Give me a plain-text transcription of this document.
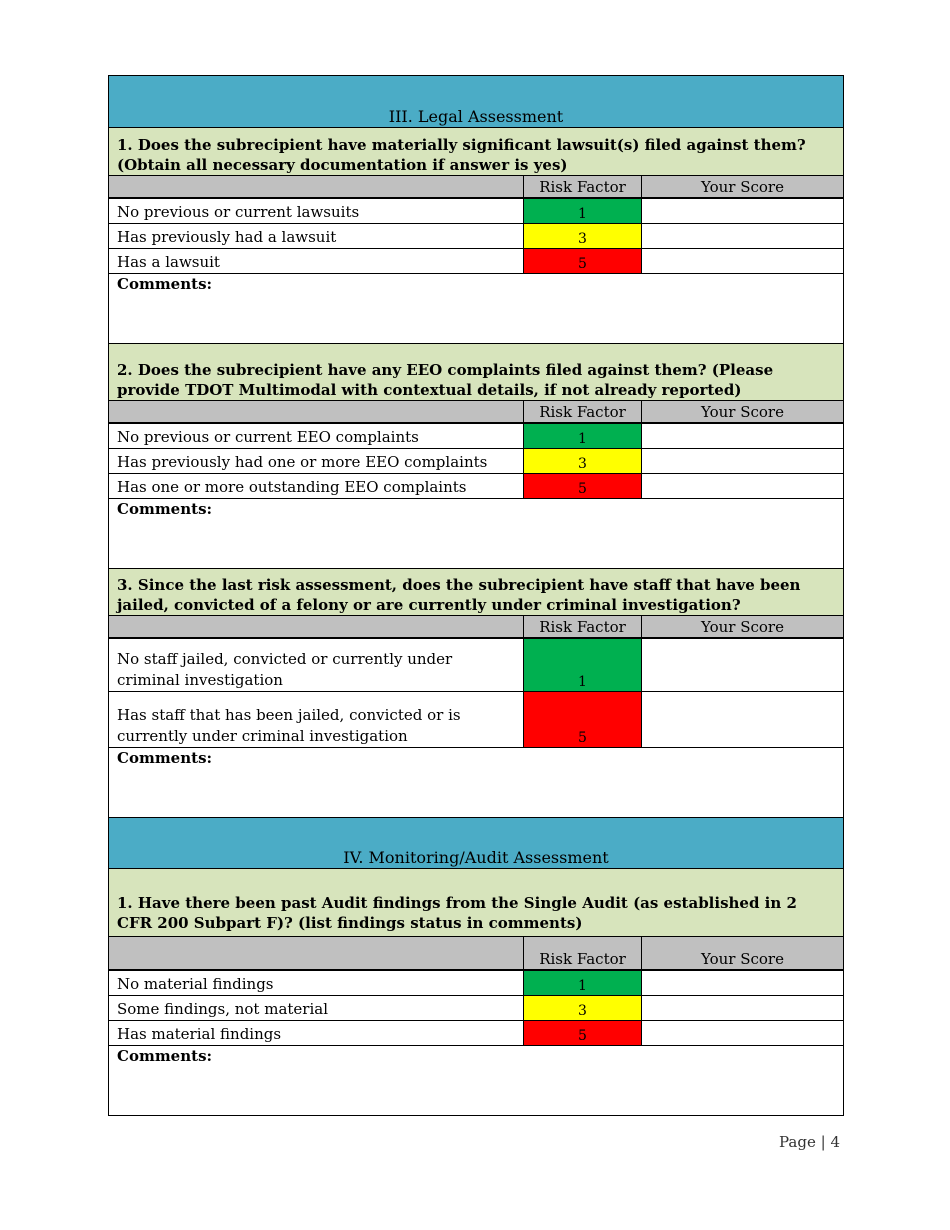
III. Legal Assessment
1. Does the subrecipient have materially significant lawsuit(s) filed against them? (Obtain all necessary documentation if answer is yes)
Risk Factor	Your Score
No previous or current lawsuits	1
Has previously had a lawsuit	3
Has a lawsuit	5
Comments:
2. Does the subrecipient have any EEO complaints filed against them? (Please provide TDOT Multimodal with contextual details, if not already reported)
Risk Factor	Your Score
No previous or current EEO complaints	1
Has previously had one or more EEO complaints	3
Has one or more outstanding EEO complaints	5
Comments:
3. Since the last risk assessment, does the subrecipient have staff that have been jailed, convicted of a felony or are currently under criminal investigation?
Risk Factor	Your Score
No staff jailed, convicted or currently under criminal investigation	1
Has staff that has been jailed, convicted or is currently under criminal investigation	5
Comments:
IV. Monitoring/Audit Assessment
1. Have there been past Audit findings from the Single Audit (as established in 2 CFR 200 Subpart F)? (list findings status in comments)
Risk Factor	Your Score
No material findings	1
Some findings, not material	3
Has material findings	5
Comments:
Page | 4
